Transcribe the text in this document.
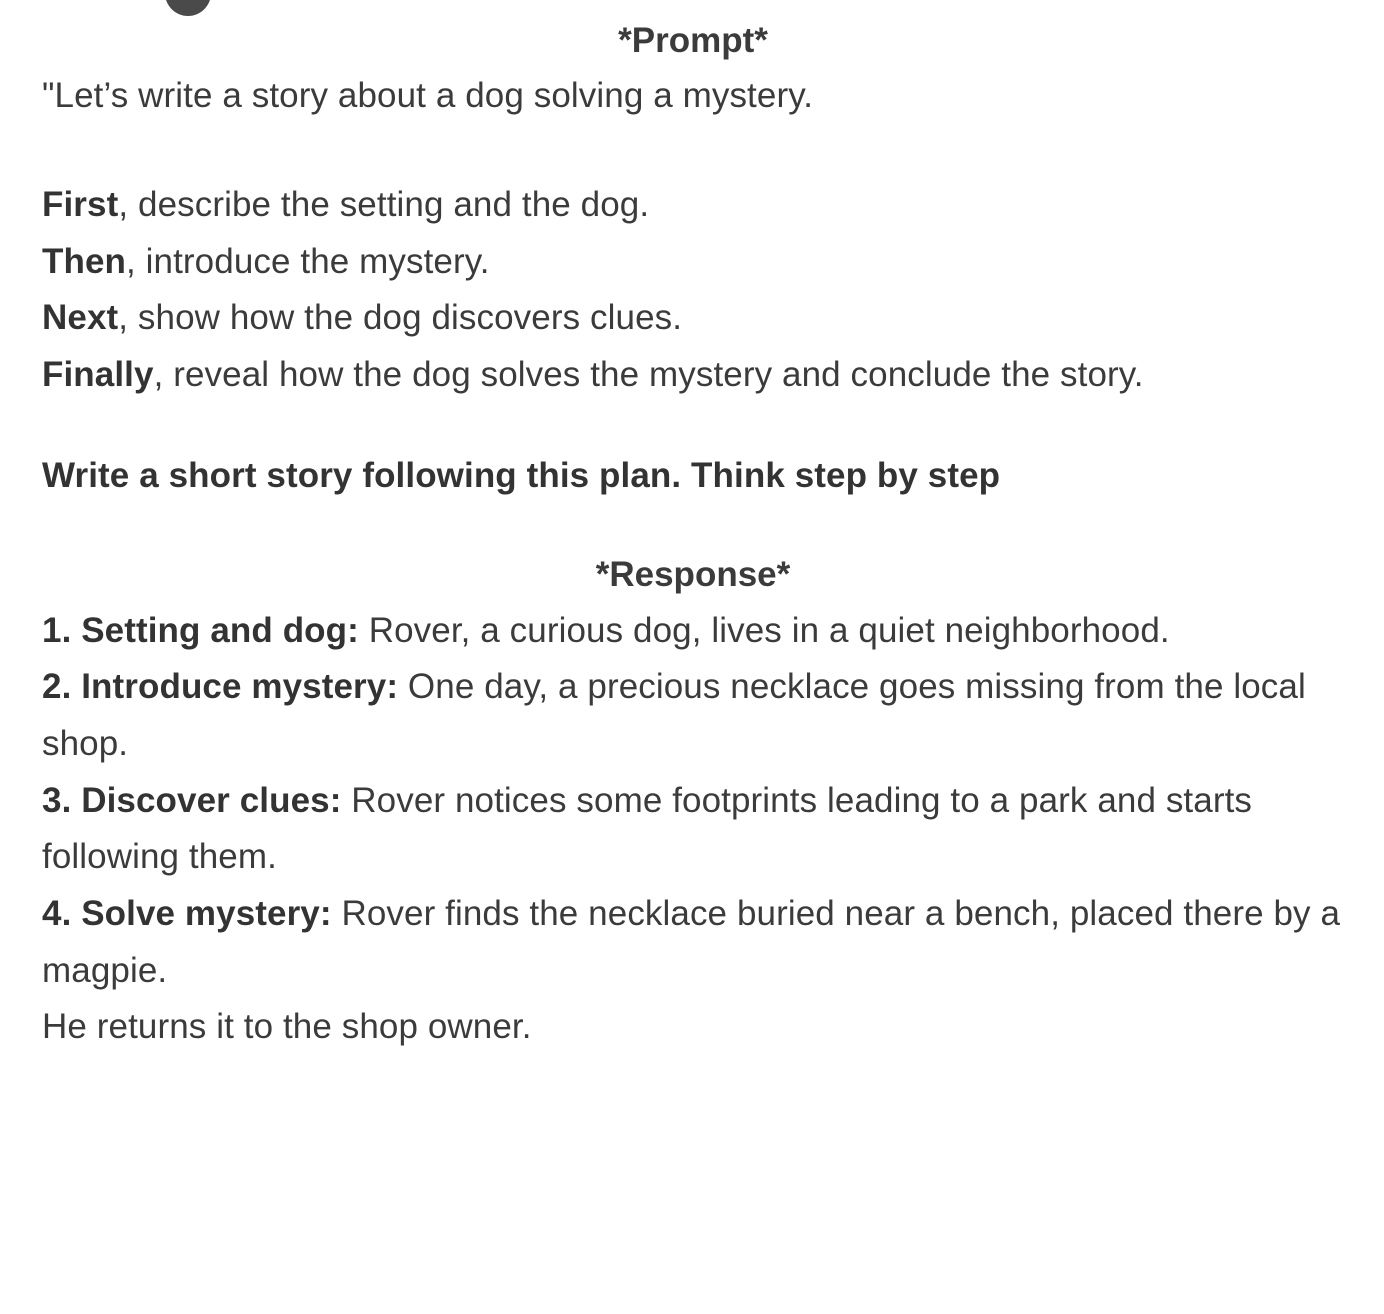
*Prompt*
"Let’s write a story about a dog solving a mystery.
First, describe the setting and the dog.
Then, introduce the mystery.
Next, show how the dog discovers clues.
Finally, reveal how the dog solves the mystery and conclude the story.
Write a short story following this plan. Think step by step
*Response*
1. Setting and dog: Rover, a curious dog, lives in a quiet neighborhood.
2. Introduce mystery: One day, a precious necklace goes missing from the local shop.
3. Discover clues: Rover notices some footprints leading to a park and starts following them.
4. Solve mystery: Rover finds the necklace buried near a bench, placed there by a magpie.
He returns it to the shop owner.
